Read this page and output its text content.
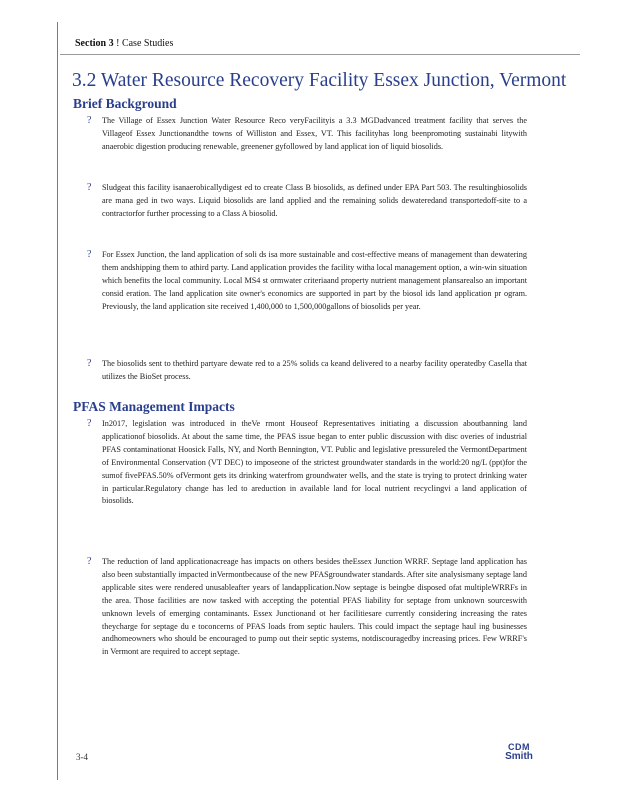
Section 3 ! Case Studies
3.2 Water Resource Recovery Facility Essex Junction, Vermont
Brief Background
? The Village of Essex Junction Water Resource Reco veryFacilityis a 3.3 MGDadvanced treatment facility that serves the Villageof Essex Junctionandthe towns of Williston and Essex, VT. This facilityhas long beenpromoting sustainabi litywith anaerobic digestion producing renewable, greenener gyfollowed by land applicat ion of liquid biosolids.
? Sludgeat this facility isanaerobicallydigest ed to create Class B biosolids, as defined under EPA Part 503. The resultingbiosolids are mana ged in two ways. Liquid biosolids are land applied and the remaining solids dewateredand transportedoff-site to a contractorfor further processing to a Class A biosolid.
? For Essex Junction, the land application of soli ds isa more sustainable and cost-effective means of management than dewatering them andshipping them to athird party. Land application provides the facility witha local management option, a win-win situation which benefits the local community. Local MS4 st ormwater criteriaand property nutrient management plansarealso an important consid eration. The land application site owner's economics are supported in part by the biosol ids land application pr ogram. Previously, the land application site received 1,400,000 to 1,500,000gallons of biosolids per year.
? The biosolids sent to thethird partyare dewate red to a 25% solids ca keand delivered to a nearby facility operatedby Casella that utilizes the BioSet process.
PFAS Management Impacts
? In2017, legislation was introduced in theVe rmont Houseof Representatives initiating a discussion aboutbanning land applicationof biosolids. At about the same time, the PFAS issue began to enter public discussion with disc overies of industrial PFAS contaminationat Hoosick Falls, NY, and North Bennington, VT. Public and legislative pressureled the VermontDepartment of Environmental Conservation (VT DEC) to imposeone of the strictest groundwater standards in the world:20 ng/L (ppt)for the sumof fivePFAS.50% ofVermont gets its drinking waterfrom groundwater wells, and the state is trying to protect drinking water in particular.Regulatory change has led to areduction in available land for local nutrient recyclingvi a land application of biosolids.
? The reduction of land applicationacreage has impacts on others besides theEssex Junction WRRF. Septage land application has also been substantially impacted inVermontbecause of the new PFASgroundwater standards. After site analysismany septage land applicable sites were rendered unusableafter years of landapplication.Now septage is beingbe disposed ofat multipleWRRFs in the area. Those facilities are now tasked with accepting the potential PFAS liability for septage from unknown sourceswith unknown levels of emerging contaminants. Essex Junctionand ot her facilitiesare currently considering increasing the rates theycharge for septage du e toconcerns of PFAS loads from septic haulers. This could impact the septage haul ing businesses andhomeowners who should be encouraged to pump out their septic systems, notdiscouragedby increasing prices. Few WRRF's in Vermont are required to accept septage.
3-4
CDM
Smith
